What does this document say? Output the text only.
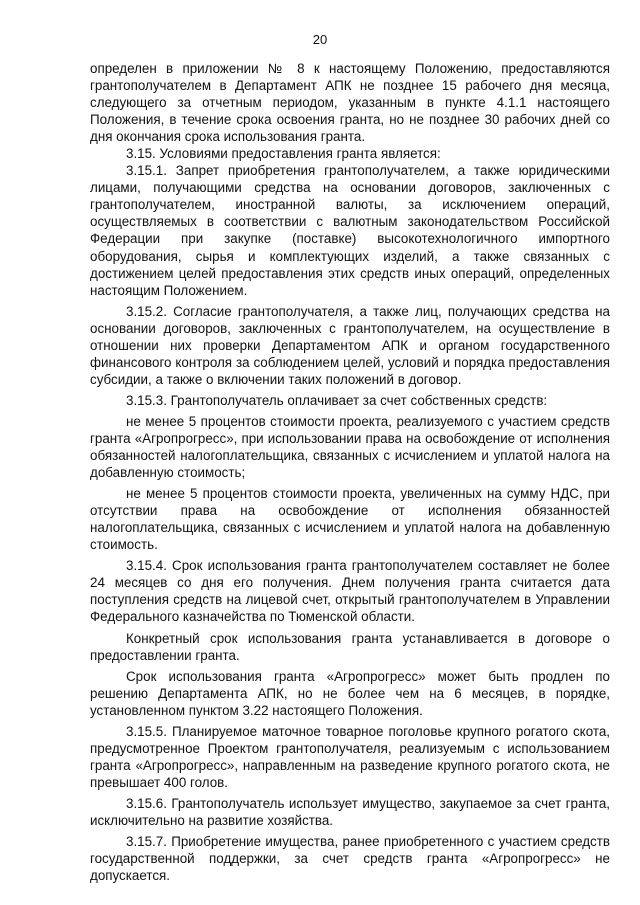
20

определен в приложении № 8 к настоящему Положению, предоставляются грантополучателем в Департамент АПК не позднее 15 рабочего дня месяца, следующего за отчетным периодом, указанным в пункте 4.1.1 настоящего Положения, в течение срока освоения гранта, но не позднее 30 рабочих дней со дня окончания срока использования гранта.

3.15. Условиями предоставления гранта является:

3.15.1. Запрет приобретения грантополучателем, а также юридическими лицами, получающими средства на основании договоров, заключенных с грантополучателем, иностранной валюты, за исключением операций, осуществляемых в соответствии с валютным законодательством Российской Федерации при закупке (поставке) высокотехнологичного импортного оборудования, сырья и комплектующих изделий, а также связанных с достижением целей предоставления этих средств иных операций, определенных настоящим Положением.

3.15.2. Согласие грантополучателя, а также лиц, получающих средства на основании договоров, заключенных с грантополучателем, на осуществление в отношении них проверки Департаментом АПК и органом государственного финансового контроля за соблюдением целей, условий и порядка предоставления субсидии, а также о включении таких положений в договор.

3.15.3. Грантополучатель оплачивает за счет собственных средств:

не менее 5 процентов стоимости проекта, реализуемого с участием средств гранта «Агропрогресс», при использовании права на освобождение от исполнения обязанностей налогоплательщика, связанных с исчислением и уплатой налога на добавленную стоимость;

не менее 5 процентов стоимости проекта, увеличенных на сумму НДС, при отсутствии права на освобождение от исполнения обязанностей налогоплательщика, связанных с исчислением и уплатой налога на добавленную стоимость.

3.15.4. Срок использования гранта грантополучателем составляет не более 24 месяцев со дня его получения. Днем получения гранта считается дата поступления средств на лицевой счет, открытый грантополучателем в Управлении Федерального казначейства по Тюменской области.

Конкретный срок использования гранта устанавливается в договоре о предоставлении гранта.

Срок использования гранта «Агропрогресс» может быть продлен по решению Департамента АПК, но не более чем на 6 месяцев, в порядке, установленном пунктом 3.22 настоящего Положения.

3.15.5. Планируемое маточное товарное поголовье крупного рогатого скота, предусмотренное Проектом грантополучателя, реализуемым с использованием гранта «Агропрогресс», направленным на разведение крупного рогатого скота, не превышает 400 голов.

3.15.6. Грантополучатель использует имущество, закупаемое за счет гранта, исключительно на развитие хозяйства.

3.15.7. Приобретение имущества, ранее приобретенного с участием средств государственной поддержки, за счет средств гранта «Агропрогресс» не допускается.
